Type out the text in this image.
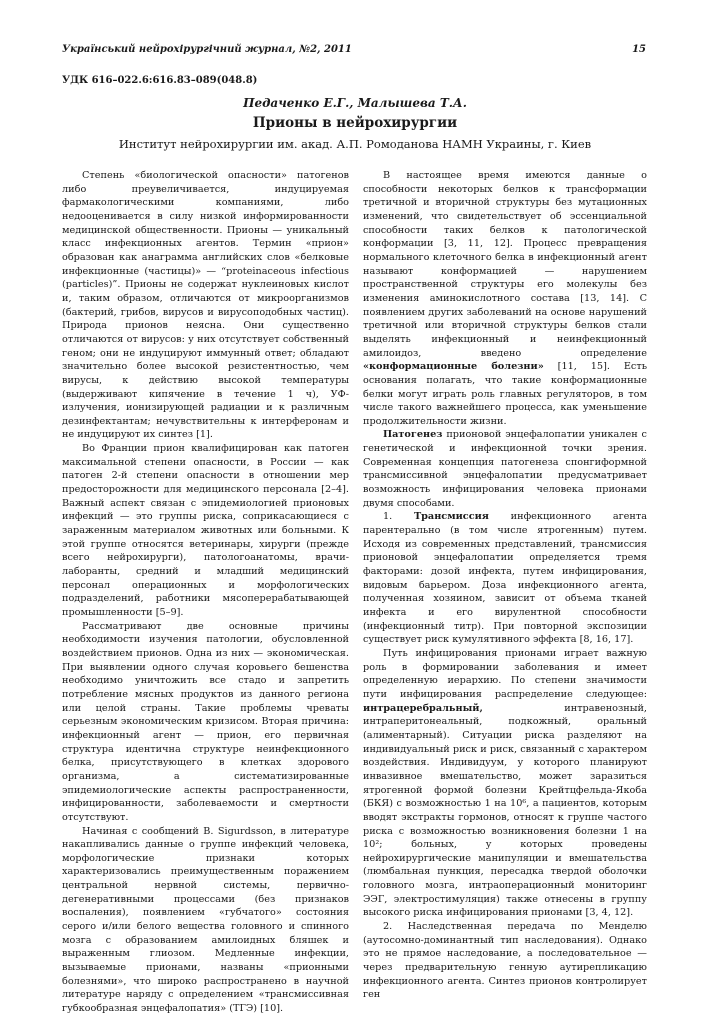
Український нейрохірургічний журнал, №2, 2011	15
УДК 616–022.6:616.83–089(048.8)
Педаченко Е.Г., Малышева Т.А.
Прионы в нейрохирургии
Институт нейрохирургии им. акад. А.П. Ромоданова НАМН Украины, г. Киев

Степень «биологической опасности» патогенов либо преувеличивается, индуцируемая фармакологическими компаниями, либо недооценивается в силу низкой информированности медицинской общественности. Прионы — уникальный класс инфекционных агентов. Термин «прион» образован как анаграмма английских слов «белковые инфекционные (частицы)» — “proteinaceous infectious (particles)”. Прионы не содержат нуклеиновых кислот и, таким образом, отличаются от микроорганизмов (бактерий, грибов, вирусов и вирусоподобных частиц). Природа прионов неясна. Они существенно отличаются от вирусов: у них отсутствует собственный геном; они не индуцируют иммунный ответ; обладают значительно более высокой резистентностью, чем вирусы, к действию высокой температуры (выдерживают кипячение в течение 1 ч), УФ-излучения, ионизирующей радиации и к различным дезинфектантам; нечувствительны к интерферонам и не индуцируют их синтез [1].

Во Франции прион квалифицирован как патоген максимальной степени опасности, в России — как патоген 2-й степени опасности в отношении мер предосторожности для медицинского персонала [2–4]. Важный аспект связан с эпидемиологией прионовых инфекций — это группы риска, соприкасающиеся с зараженным материалом животных или больными. К этой группе относятся ветеринары, хирурги (прежде всего нейрохирурги), патологоанатомы, врачи-лаборанты, средний и младший медицинский персонал операционных и морфологических подразделений, работники мясоперерабатывающей промышленности [5–9].

Рассматривают две основные причины необходимости изучения патологии, обусловленной воздействием прионов. Одна из них — экономическая. При выявлении одного случая коровьего бешенства необходимо уничтожить все стадо и запретить потребление мясных продуктов из данного региона или целой страны. Такие проблемы чреваты серьезным экономическим кризисом. Вторая причина: инфекционный агент — прион, его первичная структура идентична структуре неинфекционного белка, присутствующего в клетках здорового организма, а систематизированные эпидемиологические аспекты распространенности, инфицированности, заболеваемости и смертности отсутствуют.

Начиная с сообщений B. Sigurdsson, в литературе накапливались данные о группе инфекций человека, морфологические признаки которых характеризовались преимущественным поражением центральной нервной системы, первично-дегенеративными процессами (без признаков воспаления), появлением «губчатого» состояния серого и/или белого вещества головного и спинного мозга с образованием амилоидных бляшек и выраженным глиозом. Медленные инфекции, вызываемые прионами, названы «прионными болезнями», что широко распространено в научной литературе наряду с определением «трансмиссивная губкообразная энцефалопатия» (ТГЭ) [10].

В настоящее время имеются данные о способности некоторых белков к трансформации третичной и вторичной структуры без мутационных изменений, что свидетельствует об эссенциальной способности таких белков к патологической конформации [3, 11, 12]. Процесс превращения нормального клеточного белка в инфекционный агент называют конформацией — нарушением пространственной структуры его молекулы без изменения аминокислотного состава [13, 14]. С появлением других заболеваний на основе нарушений третичной или вторичной структуры белков стали выделять инфекционный и неинфекционный амилоидоз, введено определение «конформационные болезни» [11, 15]. Есть основания полагать, что такие конформационные белки могут играть роль главных регуляторов, в том числе такого важнейшего процесса, как уменьшение продолжительности жизни.

Патогенез прионовой энцефалопатии уникален с генетической и инфекционной точки зрения. Современная концепция патогенеза спонгиформной трансмиссивной энцефалопатии предусматривает возможность инфицирования человека прионами двумя способами.

1. Трансмиссия инфекционного агента парентерально (в том числе ятрогенным) путем. Исходя из современных представлений, трансмиссия прионовой энцефалопатии определяется тремя факторами: дозой инфекта, путем инфицирования, видовым барьером. Доза инфекционного агента, полученная хозяином, зависит от объема тканей инфекта и его вирулентной способности (инфекционный титр). При повторной экспозиции существует риск кумулятивного эффекта [8, 16, 17].

Путь инфицирования прионами играет важную роль в формировании заболевания и имеет определенную иерархию. По степени значимости пути инфицирования распределение следующее: интрацеребральный, интравенозный, интраперитонеальный, подкожный, оральный (алиментарный). Ситуации риска разделяют на индивидуальный риск и риск, связанный с характером воздействия. Индивидуум, у которого планируют инвазивное вмешательство, может заразиться ятрогенной формой болезни Крейтцфельда-Якоба (БКЯ) с возможностью 1 на 10⁶, а пациентов, которым вводят экстракты гормонов, относят к группе частого риска с возможностью возникновения болезни 1 на 10²; больных, у которых проведены нейрохирургические манипуляции и вмешательства (люмбальная пункция, пересадка твердой оболочки головного мозга, интраоперационный мониторинг ЭЭГ, электростимуляция) также отнесены в группу высокого риска инфицирования прионами [3, 4, 12].

2. Наследственная передача по Менделю (аутосомно-доминантный тип наследования). Однако это не прямое наследование, а последовательное — через предварительную генную аутирепликацию инфекционного агента. Синтез прионов контролирует ген
